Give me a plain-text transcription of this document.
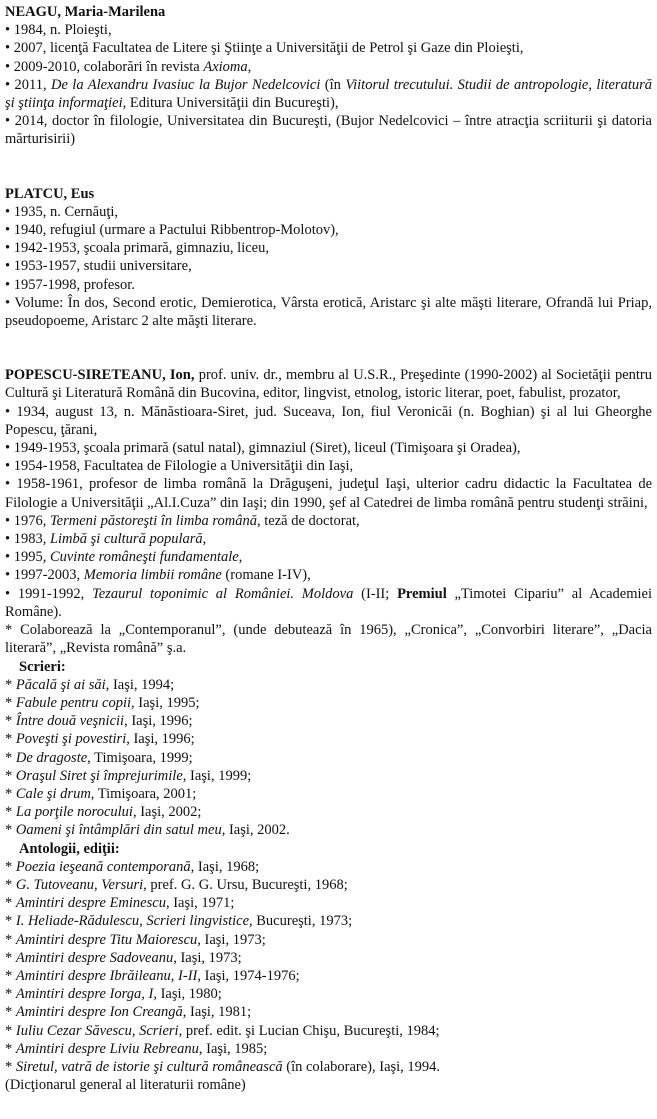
NEAGU, Maria-Marilena

• 1984, n. Ploieşti,

• 2007, licenţă Facultatea de Litere şi Ştiinţe a Universităţii de Petrol şi Gaze din Ploieşti,

• 2009-2010, colaborări în revista Axioma,

• 2011, De la Alexandru Ivasiuc la Bujor Nedelcovici (în Viitorul trecutului. Studii de antropologie, literatură şi ştiinţa informaţiei, Editura Universităţii din Bucureşti),

• 2014, doctor în filologie, Universitatea din Bucureşti, (Bujor Nedelcovici – între atracţia scriiturii şi datoria mărturisirii)

PLATCU, Eus

• 1935, n. Cernăuţi,

• 1940, refugiul (urmare a Pactului Ribbentrop-Molotov),

• 1942-1953, şcoala primară, gimnaziu, liceu,

• 1953-1957, studii universitare,

• 1957-1998, profesor.

• Volume: În dos, Second erotic, Demierotica, Vârsta erotică, Aristarc şi alte măşti literare, Ofrandă lui Priap, pseudopoeme, Aristarc 2 alte măşti literare.

POPESCU-SIRETEANU, Ion, prof. univ. dr., membru al U.S.R., Preşedinte (1990-2002) al Societăţii pentru Cultură şi Literatură Română din Bucovina, editor, lingvist, etnolog, istoric literar, poet, fabulist, prozator,

• 1934, august 13, n. Mănăstioara-Siret, jud. Suceava, Ion, fiul Veronicăi (n. Boghian) şi al lui Gheorghe Popescu, ţărani,

• 1949-1953, şcoala primară (satul natal), gimnaziul (Siret), liceul (Timişoara şi Oradea),

• 1954-1958, Facultatea de Filologie a Universităţii din Iaşi,

• 1958-1961, profesor de limba română la Drăguşeni, judeţul Iaşi, ulterior cadru didactic la Facultatea de Filologie a Universităţii „Al.I.Cuza” din Iaşi; din 1990, şef al Catedrei de limba română pentru studenţi străini,

• 1976, Termeni păstoreşti în limba română, teză de doctorat,

• 1983, Limbă şi cultură populară,

• 1995, Cuvinte româneşti fundamentale,

• 1997-2003, Memoria limbii române (romane I-IV),

• 1991-1992, Tezaurul toponimic al României. Moldova (I-II; Premiul „Timotei Cipariu” al Academiei Române).

* Colaborează la „Contemporanul”, (unde debutează în 1965), „Cronica”, „Convorbiri literare”, „Dacia literară”, „Revista română” ş.a.

Scrieri:

* Păcală şi ai săi, Iaşi, 1994;

* Fabule pentru copii, Iaşi, 1995;

* Între două veşnicii, Iaşi, 1996;

* Poveşti şi povestiri, Iaşi, 1996;

* De dragoste, Timişoara, 1999;

* Oraşul Siret şi împrejurimile, Iaşi, 1999;

* Cale şi drum, Timişoara, 2001;

* La porţile norocului, Iaşi, 2002;

* Oameni şi întâmplări din satul meu, Iaşi, 2002.

Antologii, ediţii:

* Poezia ieşeană contemporană, Iaşi, 1968;

* G. Tutoveanu, Versuri, pref. G. G. Ursu, Bucureşti, 1968;

* Amintiri despre Eminescu, Iaşi, 1971;

* I. Heliade-Rădulescu, Scrieri lingvistice, Bucureşti, 1973;

* Amintiri despre Titu Maiorescu, Iaşi, 1973;

* Amintiri despre Sadoveanu, Iaşi, 1973;

* Amintiri despre Ibrăileanu, I-II, Iaşi, 1974-1976;

* Amintiri despre Iorga, I, Iaşi, 1980;

* Amintiri despre Ion Creangă, Iaşi, 1981;

* Iuliu Cezar Săvescu, Scrieri, pref. edit. şi Lucian Chişu, Bucureşti, 1984;

* Amintiri despre Liviu Rebreanu, Iaşi, 1985;

* Siretul, vatră de istorie şi cultură românească (în colaborare), Iaşi, 1994.

(Dicţionarul general al literaturii române)
